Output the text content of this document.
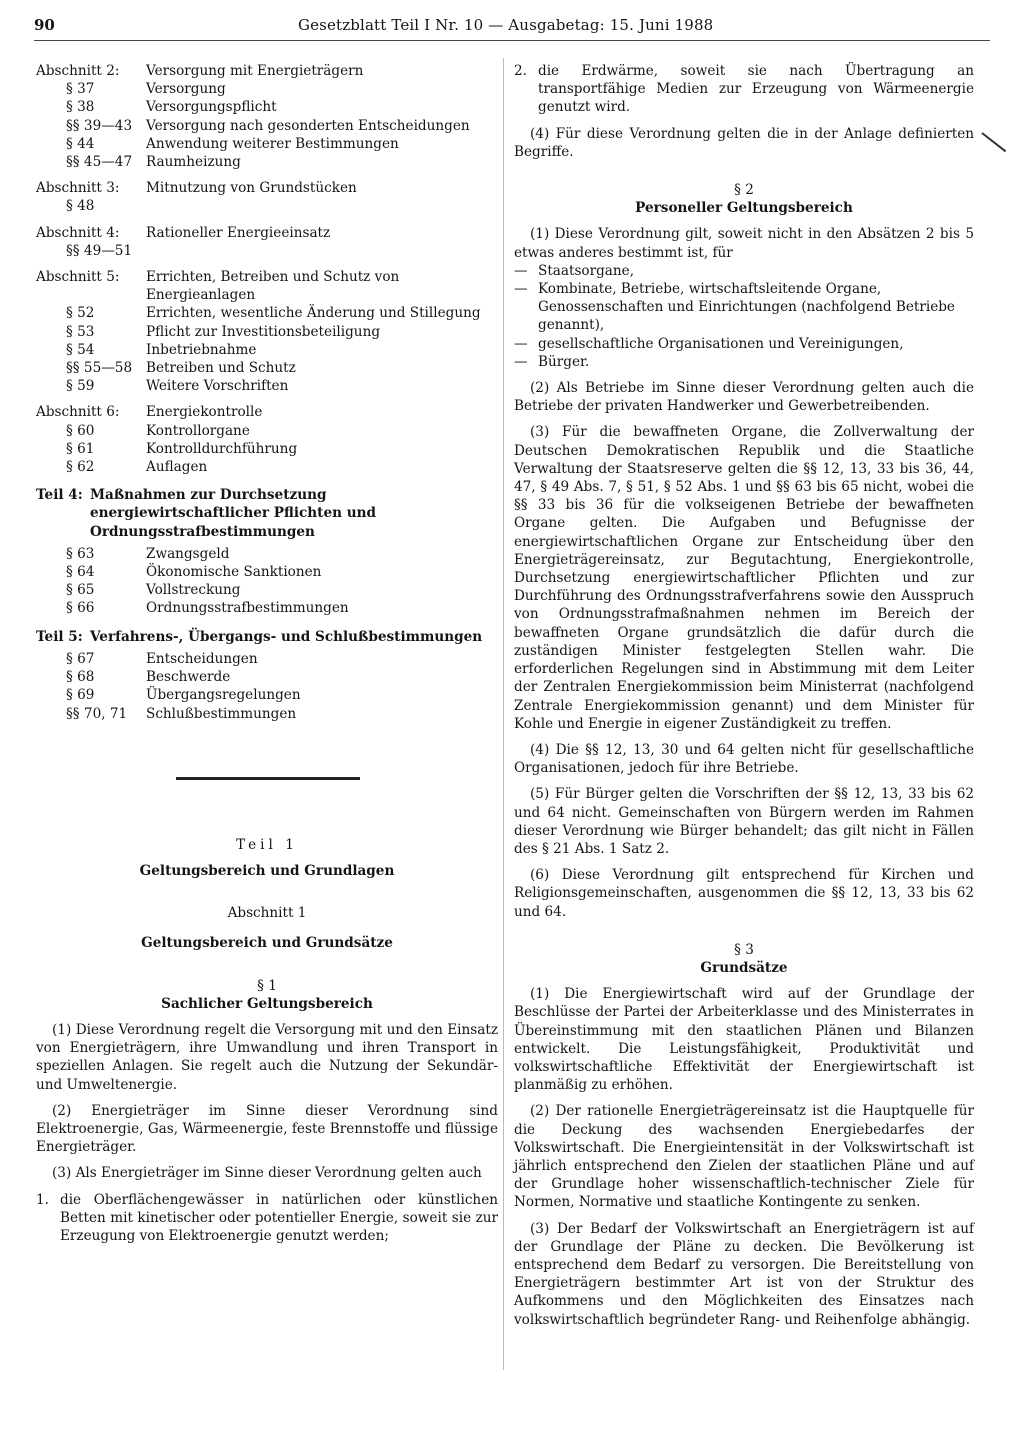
90	Gesetzblatt Teil I Nr. 10 — Ausgabetag: 15. Juni 1988
Abschnitt 2:	Versorgung mit Energieträgern
§ 37	Versorgung
§ 38	Versorgungspflicht
§§ 39—43	Versorgung nach gesonderten Entscheidungen
§ 44	Anwendung weiterer Bestimmungen
§§ 45—47	Raumheizung
Abschnitt 3:	Mitnutzung von Grundstücken
§ 48
Abschnitt 4:	Rationeller Energieeinsatz
§§ 49—51
Abschnitt 5:	Errichten, Betreiben und Schutz von Energieanlagen
§ 52	Errichten, wesentliche Änderung und Stillegung
§ 53	Pflicht zur Investitionsbeteiligung
§ 54	Inbetriebnahme
§§ 55—58	Betreiben und Schutz
§ 59	Weitere Vorschriften
Abschnitt 6:	Energiekontrolle
§ 60	Kontrollorgane
§ 61	Kontrolldurchführung
§ 62	Auflagen
Teil 4: Maßnahmen zur Durchsetzung energiewirtschaftlicher Pflichten und Ordnungsstrafbestimmungen
§ 63	Zwangsgeld
§ 64	Ökonomische Sanktionen
§ 65	Vollstreckung
§ 66	Ordnungsstrafbestimmungen
Teil 5: Verfahrens-, Übergangs- und Schlußbestimmungen
§ 67	Entscheidungen
§ 68	Beschwerde
§ 69	Übergangsregelungen
§§ 70, 71	Schlußbestimmungen
Teil 1
Geltungsbereich und Grundlagen
Abschnitt 1
Geltungsbereich und Grundsätze
§ 1
Sachlicher Geltungsbereich

(1) Diese Verordnung regelt die Versorgung mit und den Einsatz von Energieträgern, ihre Umwandlung und ihren Transport in speziellen Anlagen. Sie regelt auch die Nutzung der Sekundär- und Umweltenergie.

(2) Energieträger im Sinne dieser Verordnung sind Elektroenergie, Gas, Wärmeenergie, feste Brennstoffe und flüssige Energieträger.

(3) Als Energieträger im Sinne dieser Verordnung gelten auch

1. die Oberflächengewässer in natürlichen oder künstlichen Betten mit kinetischer oder potentieller Energie, soweit sie zur Erzeugung von Elektroenergie genutzt werden;
2. die Erdwärme, soweit sie nach Übertragung an transportfähige Medien zur Erzeugung von Wärmeenergie genutzt wird.

(4) Für diese Verordnung gelten die in der Anlage definierten Begriffe.

§ 2
Personeller Geltungsbereich

(1) Diese Verordnung gilt, soweit nicht in den Absätzen 2 bis 5 etwas anderes bestimmt ist, für

— Staatsorgane,
— Kombinate, Betriebe, wirtschaftsleitende Organe, Genossenschaften und Einrichtungen (nachfolgend Betriebe genannt),
— gesellschaftliche Organisationen und Vereinigungen,
— Bürger.

(2) Als Betriebe im Sinne dieser Verordnung gelten auch die Betriebe der privaten Handwerker und Gewerbetreibenden.

(3) Für die bewaffneten Organe, die Zollverwaltung der Deutschen Demokratischen Republik und die Staatliche Verwaltung der Staatsreserve gelten die §§ 12, 13, 33 bis 36, 44, 47, § 49 Abs. 7, § 51, § 52 Abs. 1 und §§ 63 bis 65 nicht, wobei die §§ 33 bis 36 für die volkseigenen Betriebe der bewaffneten Organe gelten. Die Aufgaben und Befugnisse der energiewirtschaftlichen Organe zur Entscheidung über den Energieträgereinsatz, zur Begutachtung, Energiekontrolle, Durchsetzung energiewirtschaftlicher Pflichten und zur Durchführung des Ordnungsstrafverfahrens sowie den Ausspruch von Ordnungsstrafmaßnahmen nehmen im Bereich der bewaffneten Organe grundsätzlich die dafür durch die zuständigen Minister festgelegten Stellen wahr. Die erforderlichen Regelungen sind in Abstimmung mit dem Leiter der Zentralen Energiekommission beim Ministerrat (nachfolgend Zentrale Energiekommission genannt) und dem Minister für Kohle und Energie in eigener Zuständigkeit zu treffen.

(4) Die §§ 12, 13, 30 und 64 gelten nicht für gesellschaftliche Organisationen, jedoch für ihre Betriebe.

(5) Für Bürger gelten die Vorschriften der §§ 12, 13, 33 bis 62 und 64 nicht. Gemeinschaften von Bürgern werden im Rahmen dieser Verordnung wie Bürger behandelt; das gilt nicht in Fällen des § 21 Abs. 1 Satz 2.

(6) Diese Verordnung gilt entsprechend für Kirchen und Religionsgemeinschaften, ausgenommen die §§ 12, 13, 33 bis 62 und 64.

§ 3
Grundsätze

(1) Die Energiewirtschaft wird auf der Grundlage der Beschlüsse der Partei der Arbeiterklasse und des Ministerrates in Übereinstimmung mit den staatlichen Plänen und Bilanzen entwickelt. Die Leistungsfähigkeit, Produktivität und volkswirtschaftliche Effektivität der Energiewirtschaft ist planmäßig zu erhöhen.

(2) Der rationelle Energieträgereinsatz ist die Hauptquelle für die Deckung des wachsenden Energiebedarfes der Volkswirtschaft. Die Energieintensität in der Volkswirtschaft ist jährlich entsprechend den Zielen der staatlichen Pläne und auf der Grundlage hoher wissenschaftlich-technischer Ziele für Normen, Normative und staatliche Kontingente zu senken.

(3) Der Bedarf der Volkswirtschaft an Energieträgern ist auf der Grundlage der Pläne zu decken. Die Bevölkerung ist entsprechend dem Bedarf zu versorgen. Die Bereitstellung von Energieträgern bestimmter Art ist von der Struktur des Aufkommens und den Möglichkeiten des Einsatzes nach volkswirtschaftlich begründeter Rang- und Reihenfolge abhängig.
